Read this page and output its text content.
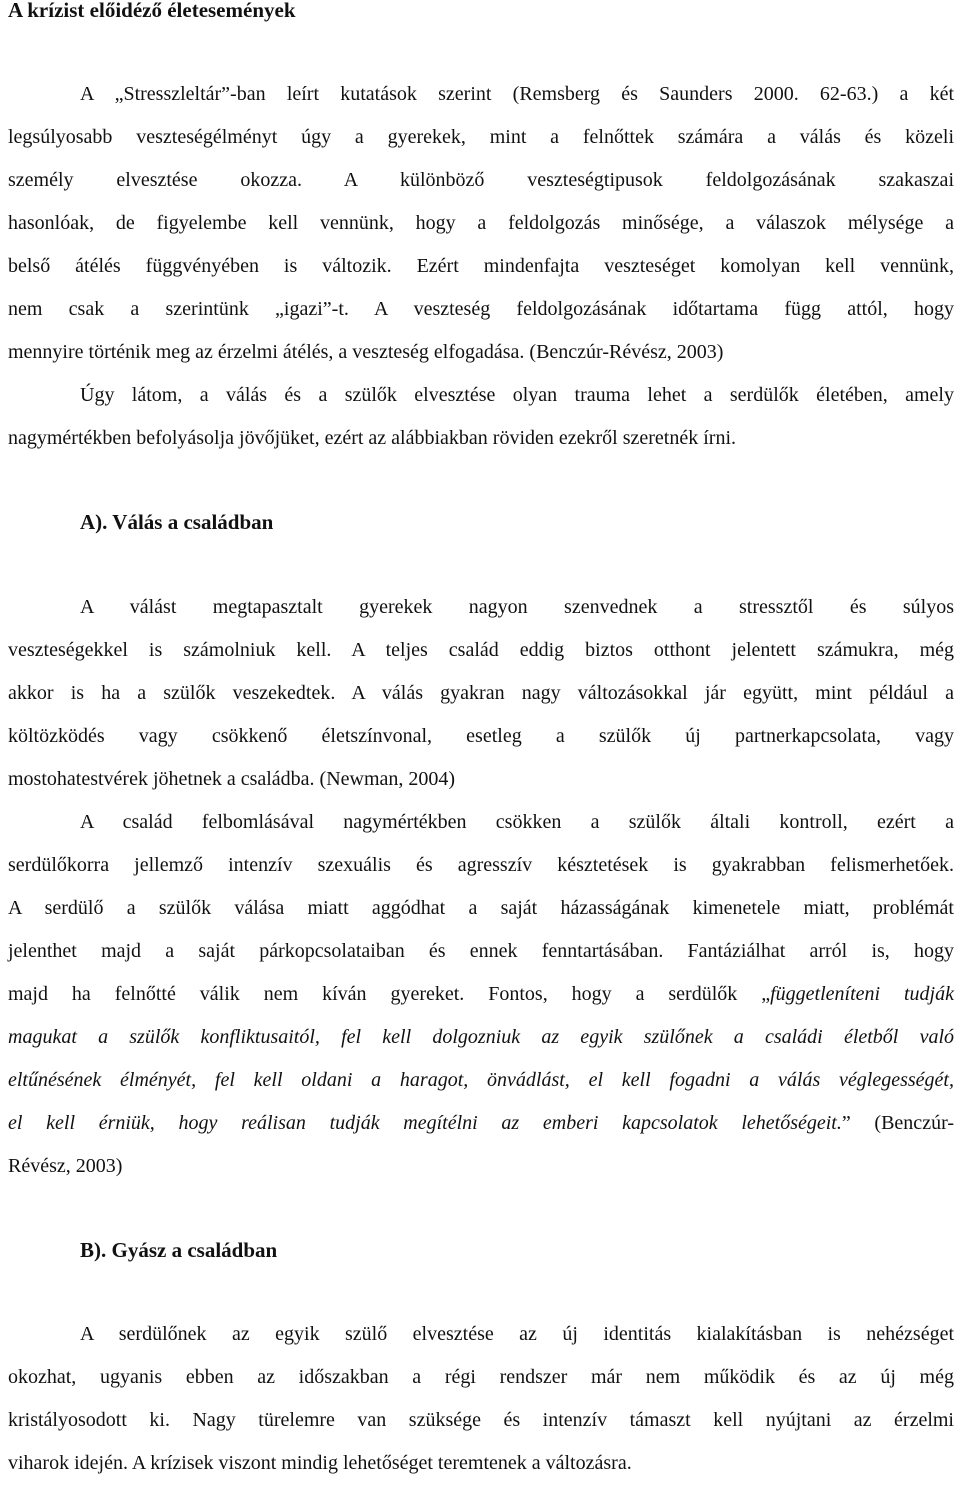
A krízist előidéző életesemények
A „Stresszleltár”-ban leírt kutatások szerint (Remsberg és Saunders 2000. 62-63.) a két
legsúlyosabb veszteségélményt úgy a gyerekek, mint a felnőttek számára a válás és közeli
személy elvesztése okozza. A különböző veszteségtipusok feldolgozásának szakaszai
hasonlóak, de figyelembe kell vennünk, hogy a feldolgozás minősége, a válaszok mélysége a
belső átélés függvényében is változik. Ezért mindenfajta veszteséget komolyan kell vennünk,
nem csak a szerintünk „igazi”-t. A veszteség feldolgozásának időtartama függ attól, hogy
mennyire történik meg az érzelmi átélés, a veszteség elfogadása. (Benczúr-Révész, 2003)
Úgy látom, a válás és a szülők elvesztése olyan trauma lehet a serdülők életében, amely
nagymértékben befolyásolja jövőjüket, ezért az alábbiakban röviden ezekről szeretnék írni.
A). Válás a családban
A válást megtapasztalt gyerekek nagyon szenvednek a stressztől és súlyos
veszteségekkel is számolniuk kell. A teljes család eddig biztos otthont jelentett számukra, még
akkor is ha a szülők veszekedtek. A válás gyakran nagy változásokkal jár együtt, mint például a
költözködés vagy csökkenő életszínvonal, esetleg a szülők új partnerkapcsolata, vagy
mostohatestvérek jöhetnek a családba. (Newman, 2004)
A család felbomlásával nagymértékben csökken a szülők általi kontroll, ezért a
serdülőkorra jellemző intenzív szexuális és agresszív késztetések is gyakrabban felismerhetőek.
A serdülő a szülők válása miatt aggódhat a saját házasságának kimenetele miatt, problémát
jelenthet majd a saját párkopcsolataiban és ennek fenntartásában. Fantáziálhat arról is, hogy
majd ha felnőtté válik nem kíván gyereket. Fontos, hogy a serdülők „függetleníteni tudják
magukat a szülők konfliktusaitól, fel kell dolgozniuk az egyik szülőnek a családi életből való
eltűnésének élményét, fel kell oldani a haragot, önvádlást, el kell fogadni a válás véglegességét,
el kell érniük, hogy reálisan tudják megítélni az emberi kapcsolatok lehetőségeit.” (Benczúr-
Révész, 2003)
B). Gyász a családban
A serdülőnek az egyik szülő elvesztése az új identitás kialakításban is nehézséget
okozhat, ugyanis ebben az időszakban a régi rendszer már nem működik és az új még
kristályosodott ki. Nagy türelemre van szüksége és intenzív támaszt kell nyújtani az érzelmi
viharok idején. A krízisek viszont mindig lehetőséget teremtenek a változásra.
